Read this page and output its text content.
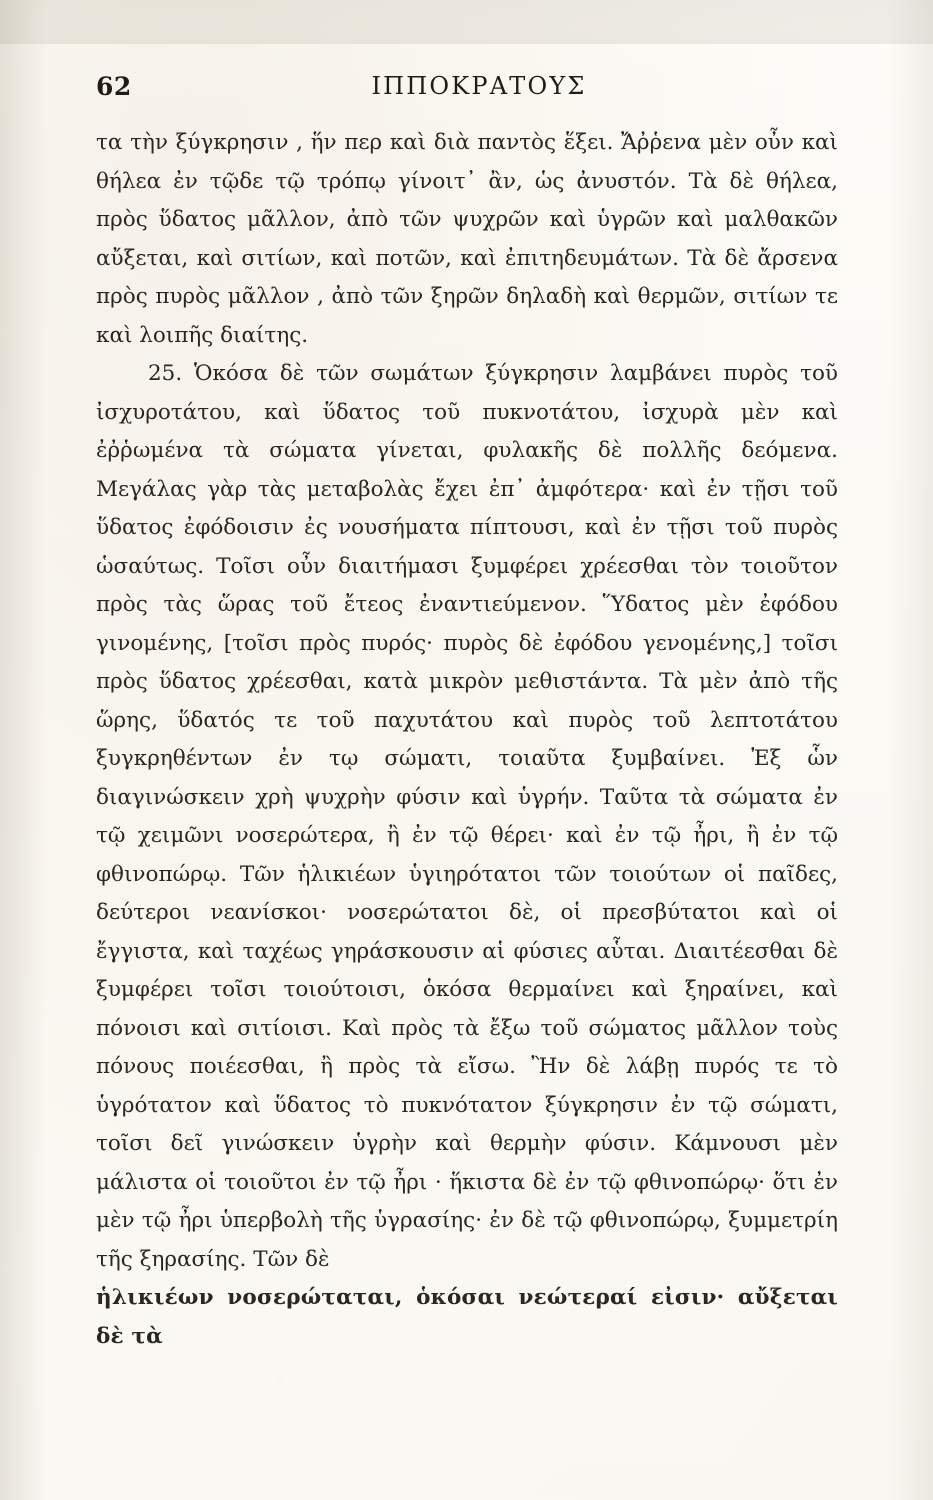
62	ΙΠΠΟΚΡΑΤΟΥΣ

τα τὴν ξύγκρησιν , ἥν περ καὶ διὰ παντὸς ἕξει. Ἄῤῥενα μὲν οὖν καὶ θήλεα ἐν τῷδε τῷ τρόπῳ γίνοιτ᾽ ἂν, ὡς ἀνυστόν. Τὰ δὲ θήλεα, πρὸς ὕδατος μᾶλλον, ἀπὸ τῶν ψυχρῶν καὶ ὑγρῶν καὶ μαλθακῶν αὔξεται, καὶ σιτίων, καὶ ποτῶν, καὶ ἐπιτηδευμάτων. Τὰ δὲ ἄρσενα πρὸς πυρὸς μᾶλλον , ἀπὸ τῶν ξηρῶν δηλαδὴ καὶ θερμῶν, σιτίων τε καὶ λοιπῆς διαίτης.

25. Ὁκόσα δὲ τῶν σωμάτων ξύγκρησιν λαμβάνει πυρὸς τοῦ ἰσχυροτάτου, καὶ ὕδατος τοῦ πυκνοτάτου, ἰσχυρὰ μὲν καὶ ἐῤῥωμένα τὰ σώματα γίνεται, φυλακῆς δὲ πολλῆς δεόμενα. Μεγάλας γὰρ τὰς μεταβολὰς ἔχει ἐπ᾽ ἀμφότερα· καὶ ἐν τῇσι τοῦ ὕδατος ἐφόδοισιν ἐς νουσήματα πίπτουσι, καὶ ἐν τῇσι τοῦ πυρὸς ὡσαύτως. Τοῖσι οὖν διαιτήμασι ξυμφέρει χρέεσθαι τὸν τοιοῦτον πρὸς τὰς ὥρας τοῦ ἔτεος ἐναντιεύμενον. Ὕδατος μὲν ἐφόδου γινομένης, [τοῖσι πρὸς πυρός· πυρὸς δὲ ἐφόδου γενομένης,] τοῖσι πρὸς ὕδατος χρέεσθαι, κατὰ μικρὸν μεθιστάντα. Τὰ μὲν ἀπὸ τῆς ὥρης, ὕδατός τε τοῦ παχυτάτου καὶ πυρὸς τοῦ λεπτοτάτου ξυγκρηθέντων ἐν τῳ σώματι, τοιαῦτα ξυμβαίνει. Ἐξ ὧν διαγινώσκειν χρὴ ψυχρὴν φύσιν καὶ ὑγρήν. Ταῦτα τὰ σώματα ἐν τῷ χειμῶνι νοσερώτερα, ἢ ἐν τῷ θέρει· καὶ ἐν τῷ ἦρι, ἢ ἐν τῷ φθινοπώρῳ. Τῶν ἡλικιέων ὑγιηρότατοι τῶν τοιούτων οἱ παῖδες, δεύτεροι νεανίσκοι· νοσερώτατοι δὲ, οἱ πρεσβύτατοι καὶ οἱ ἔγγιστα, καὶ ταχέως γηράσκουσιν αἱ φύσιες αὗται. Διαιτέεσθαι δὲ ξυμφέρει τοῖσι τοιούτοισι, ὁκόσα θερμαίνει καὶ ξηραίνει, καὶ πόνοισι καὶ σιτίοισι. Καὶ πρὸς τὰ ἔξω τοῦ σώματος μᾶλλον τοὺς πόνους ποιέεσθαι, ἢ πρὸς τὰ εἴσω. Ἢν δὲ λάβῃ πυρός τε τὸ ὑγρότατον καὶ ὕδατος τὸ πυκνότατον ξύγκρησιν ἐν τῷ σώματι, τοῖσι δεῖ γινώσκειν ὑγρὴν καὶ θερμὴν φύσιν. Κάμνουσι μὲν μάλιστα οἱ τοιοῦτοι ἐν τῷ ἦρι · ἥκιστα δὲ ἐν τῷ φθινοπώρῳ· ὅτι ἐν μὲν τῷ ἦρι ὑπερβολὴ τῆς ὑγρασίης· ἐν δὲ τῷ φθινοπώρῳ, ξυμμετρίη τῆς ξηρασίης. Τῶν δὲ

ἡλικιέων νοσερώταται, ὁκόσαι νεώτεραί εἰσιν· αὔξεται δὲ τὰ
